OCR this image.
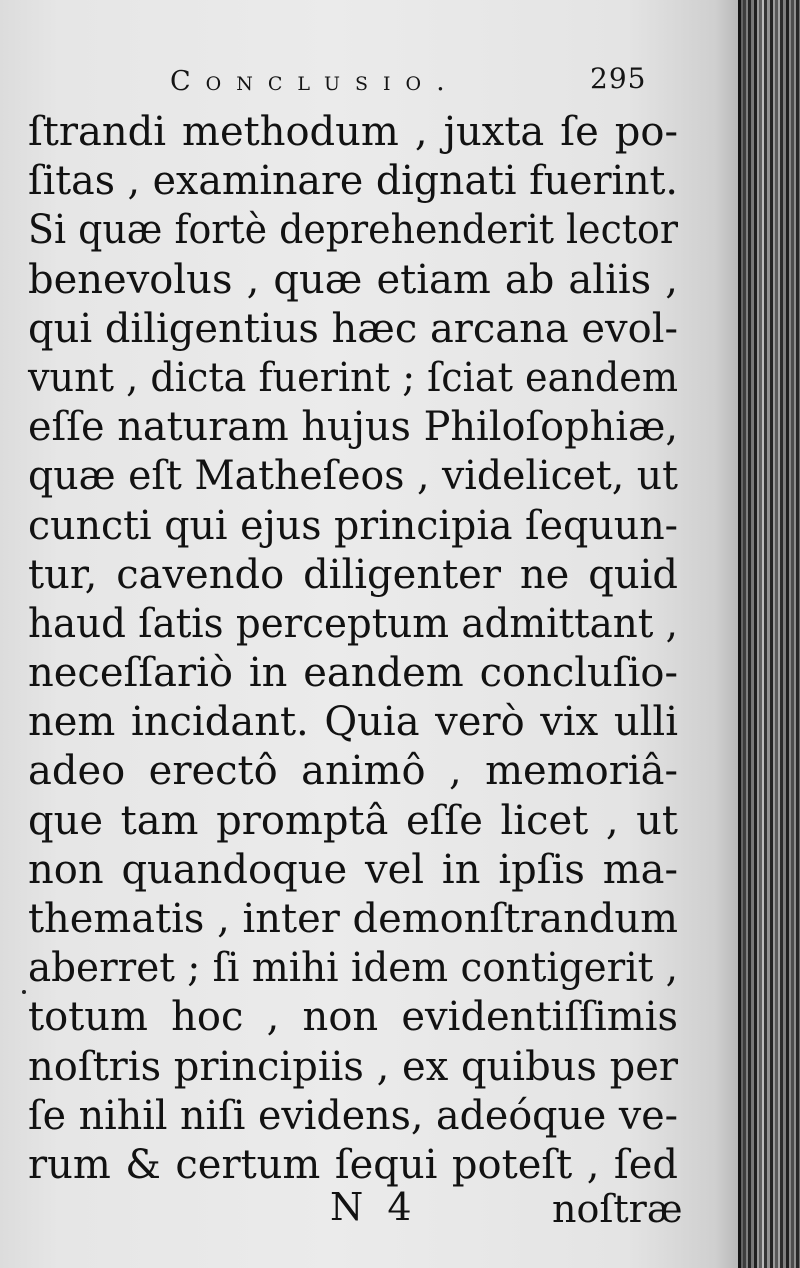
Conclusio.	295
ſtrandi methodum , juxta ſe po-
ſitas , examinare dignati fuerint.
Si quæ fortè deprehenderit lector
benevolus , quæ etiam ab aliis ,
qui diligentius hæc arcana evol-
vunt , dicta fuerint ; ſciat eandem
eſſe naturam hujus Philoſophiæ,
quæ eſt Matheſeos , videlicet, ut
cuncti qui ejus principia ſequun-
tur, cavendo diligenter ne quid
haud ſatis perceptum admittant ,
neceſſariò in eandem concluſio-
nem incidant. Quia verò vix ulli
adeo erectô animô , memoriâ-
que tam promptâ eſſe licet , ut
non quandoque vel in ipſis ma-
thematis , inter demonſtrandum
aberret ; ſi mihi idem contigerit ,
totum hoc , non evidentiſſimis
noſtris principiis , ex quibus per
ſe nihil niſi evidens, adeóque ve-
rum & certum ſequi poteſt , ſed
N 4	noſtræ
